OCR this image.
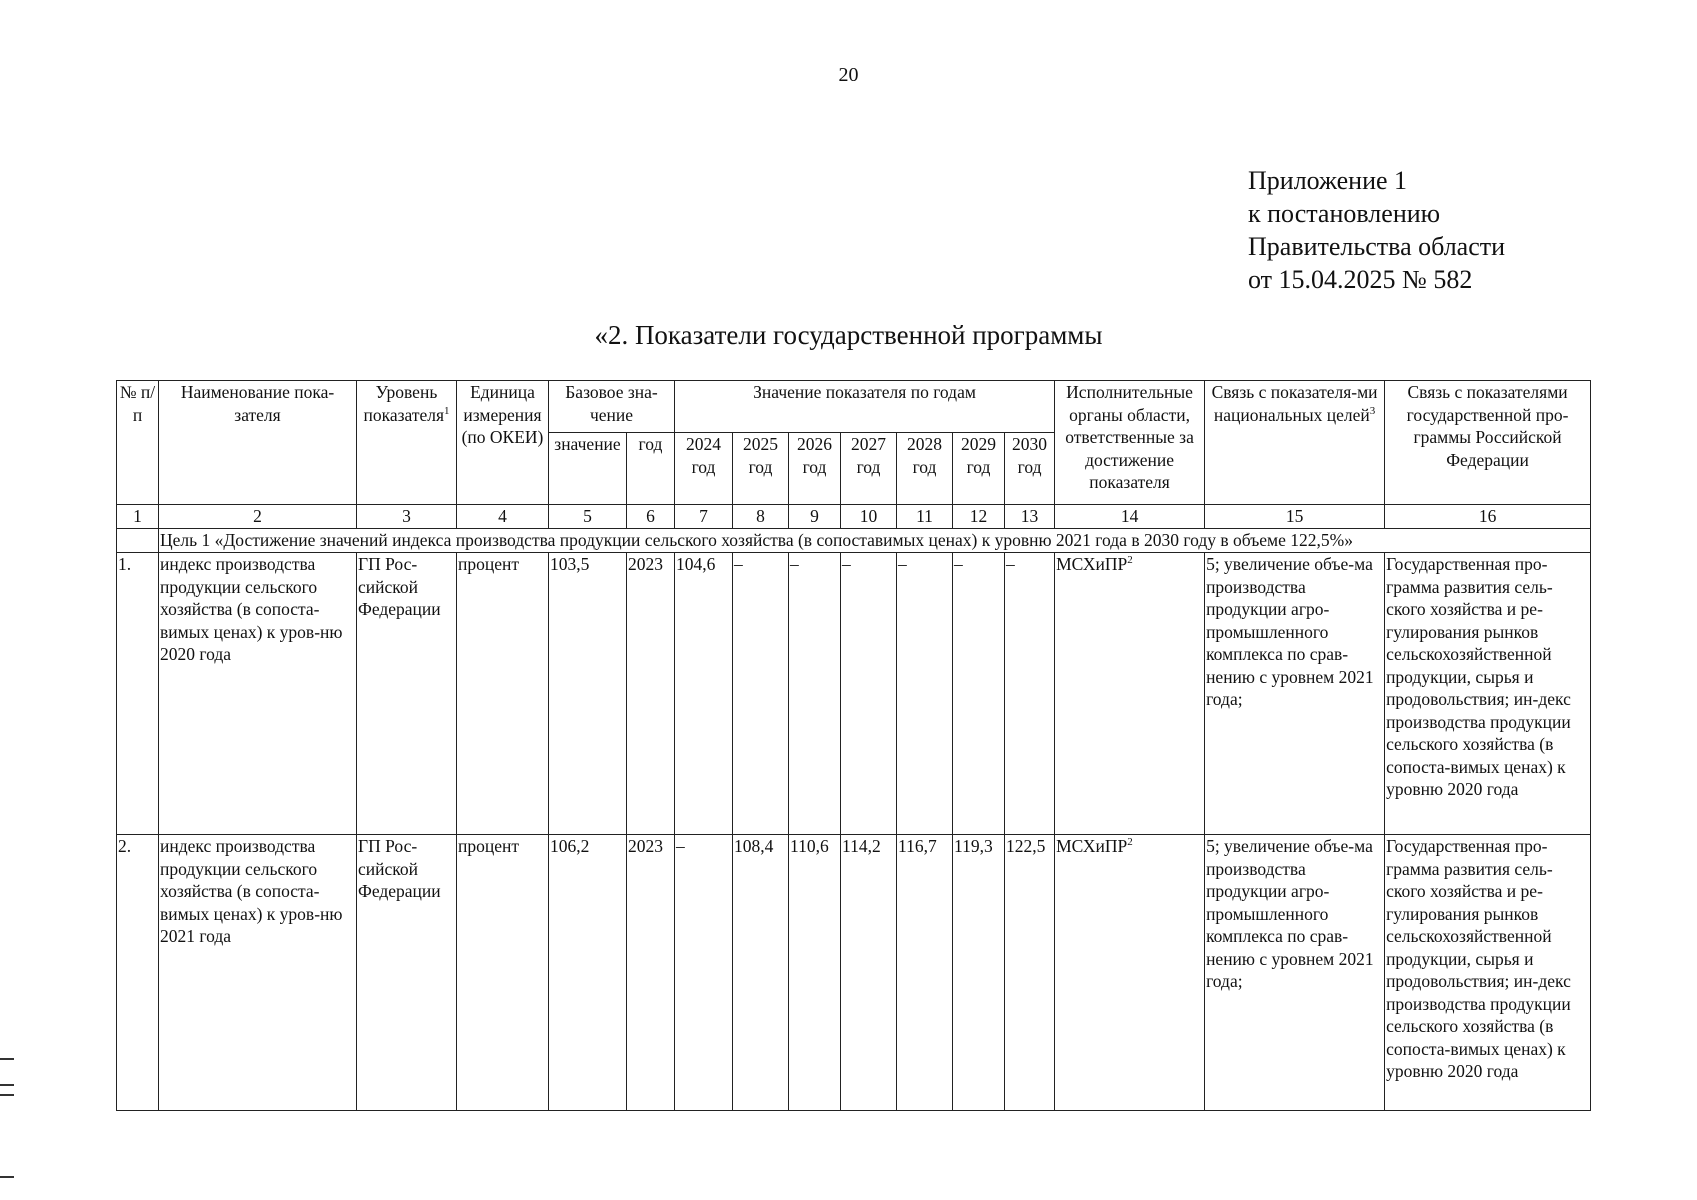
20
Приложение 1
к постановлению
Правительства области
от 15.04.2025 № 582
«2. Показатели государственной программы
№ п/п	Наименование пока-зателя	Уровень показателя$^1$	Единица измерения (по ОКЕИ)	Базовое зна-чение		Значение показателя по годам							Исполнительные органы области, ответственные за достижение показателя	Связь с показателя-ми национальных целей$^3$	Связь с показателями государственной про-граммы Российской Федерации
				значение	год	2024 год	2025 год	2026 год	2027 год	2028 год	2029 год	2030 год			
1	2	3	4	5	6	7	8	9	10	11	12	13	14	15	16
	Цель 1 «Достижение значений индекса производства продукции сельского хозяйства (в сопоставимых ценах) к уровню 2021 года в 2030 году в объеме 122,5%»														
1.	индекс производства продукции сельского хозяйства (в сопоста-вимых ценах) к уров-ню 2020 года	ГП Рос-сийской Федерации	процент	103,5	2023	104,6	–	–	–	–	–	–	МСХиПР$^2$	5; увеличение объе-ма производства продукции агро-промышленного комплекса по срав-нению с уровнем 2021 года;	Государственная про-грамма развития сель-ского хозяйства и ре-гулирования рынков сельскохозяйственной продукции, сырья и продовольствия; ин-декс производства продукции сельского хозяйства (в сопоста-вимых ценах) к уровню 2020 года
2.	индекс производства продукции сельского хозяйства (в сопоста-вимых ценах) к уров-ню 2021 года	ГП Рос-сийской Федерации	процент	106,2	2023	–	108,4	110,6	114,2	116,7	119,3	122,5	МСХиПР$^2$	5; увеличение объе-ма производства продукции агро-промышленного комплекса по срав-нению с уровнем 2021 года;	Государственная про-грамма развития сель-ского хозяйства и ре-гулирования рынков сельскохозяйственной продукции, сырья и продовольствия; ин-декс производства продукции сельского хозяйства (в сопоста-вимых ценах) к уровню 2020 года
